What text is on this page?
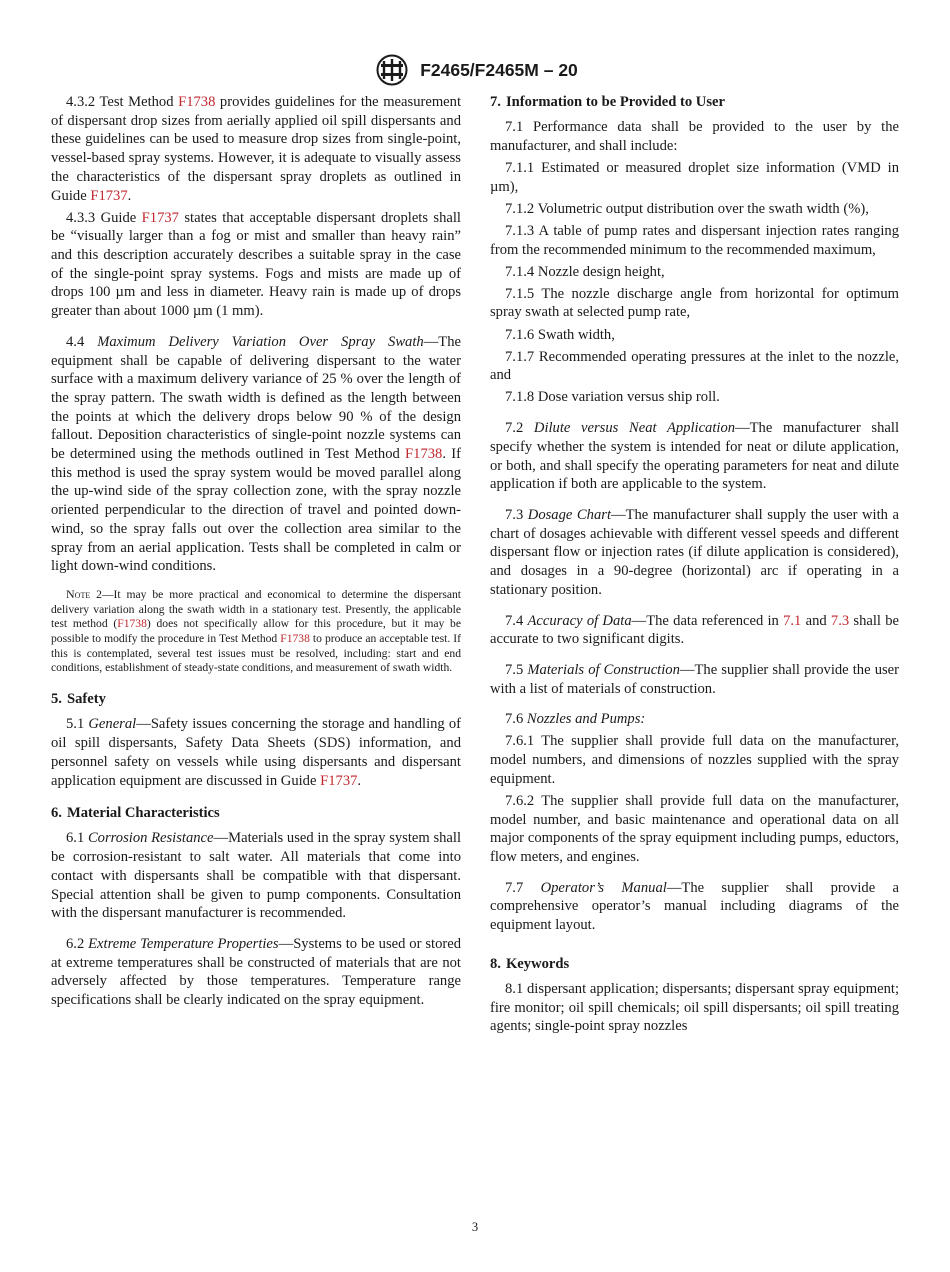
F2465/F2465M – 20

4.3.2 Test Method F1738 provides guidelines for the measurement of dispersant drop sizes from aerially applied oil spill dispersants and these guidelines can be used to measure drop sizes from single-point, vessel-based spray systems. However, it is adequate to visually assess the characteristics of the dispersant spray droplets as outlined in Guide F1737.

4.3.3 Guide F1737 states that acceptable dispersant droplets shall be “visually larger than a fog or mist and smaller than heavy rain” and this description accurately describes a suitable spray in the case of the single-point spray systems. Fogs and mists are made up of drops 100 µm and less in diameter. Heavy rain is made up of drops greater than about 1000 µm (1 mm).

4.4 Maximum Delivery Variation Over Spray Swath—The equipment shall be capable of delivering dispersant to the water surface with a maximum delivery variance of 25 % over the length of the spray pattern. The swath width is defined as the length between the points at which the delivery drops below 90 % of the design fallout. Deposition characteristics of single-point nozzle systems can be determined using the methods outlined in Test Method F1738. If this method is used the spray system would be moved parallel along the up-wind side of the spray collection zone, with the spray nozzle oriented perpendicular to the direction of travel and pointed down-wind, so the spray falls out over the collection area similar to the spray from an aerial application. Tests shall be completed in calm or light down-wind conditions.

Note 2—It may be more practical and economical to determine the dispersant delivery variation along the swath width in a stationary test. Presently, the applicable test method (F1738) does not specifically allow for this procedure, but it may be possible to modify the procedure in Test Method F1738 to produce an acceptable test. If this is contemplated, several test issues must be resolved, including: start and end conditions, establishment of steady-state conditions, and measurement of swath width.

5. Safety

5.1 General—Safety issues concerning the storage and handling of oil spill dispersants, Safety Data Sheets (SDS) information, and personnel safety on vessels while using dispersants and dispersant application equipment are discussed in Guide F1737.

6. Material Characteristics

6.1 Corrosion Resistance—Materials used in the spray system shall be corrosion-resistant to salt water. All materials that come into contact with dispersants shall be compatible with that dispersant. Special attention shall be given to pump components. Consultation with the dispersant manufacturer is recommended.

6.2 Extreme Temperature Properties—Systems to be used or stored at extreme temperatures shall be constructed of materials that are not adversely affected by those temperatures. Temperature range specifications shall be clearly indicated on the spray equipment.

7. Information to be Provided to User

7.1 Performance data shall be provided to the user by the manufacturer, and shall include:

7.1.1 Estimated or measured droplet size information (VMD in µm),

7.1.2 Volumetric output distribution over the swath width (%),

7.1.3 A table of pump rates and dispersant injection rates ranging from the recommended minimum to the recommended maximum,

7.1.4 Nozzle design height,

7.1.5 The nozzle discharge angle from horizontal for optimum spray swath at selected pump rate,

7.1.6 Swath width,

7.1.7 Recommended operating pressures at the inlet to the nozzle, and

7.1.8 Dose variation versus ship roll.

7.2 Dilute versus Neat Application—The manufacturer shall specify whether the system is intended for neat or dilute application, or both, and shall specify the operating parameters for neat and dilute application if both are applicable to the system.

7.3 Dosage Chart—The manufacturer shall supply the user with a chart of dosages achievable with different vessel speeds and different dispersant flow or injection rates (if dilute application is considered), and dosages in a 90-degree (horizontal) arc if operating in a stationary position.

7.4 Accuracy of Data—The data referenced in 7.1 and 7.3 shall be accurate to two significant digits.

7.5 Materials of Construction—The supplier shall provide the user with a list of materials of construction.

7.6 Nozzles and Pumps:

7.6.1 The supplier shall provide full data on the manufacturer, model numbers, and dimensions of nozzles supplied with the spray equipment.

7.6.2 The supplier shall provide full data on the manufacturer, model number, and basic maintenance and operational data on all major components of the spray equipment including pumps, eductors, flow meters, and engines.

7.7 Operator’s Manual—The supplier shall provide a comprehensive operator’s manual including diagrams of the equipment layout.

8. Keywords

8.1 dispersant application; dispersants; dispersant spray equipment; fire monitor; oil spill chemicals; oil spill dispersants; oil spill treating agents; single-point spray nozzles

3
